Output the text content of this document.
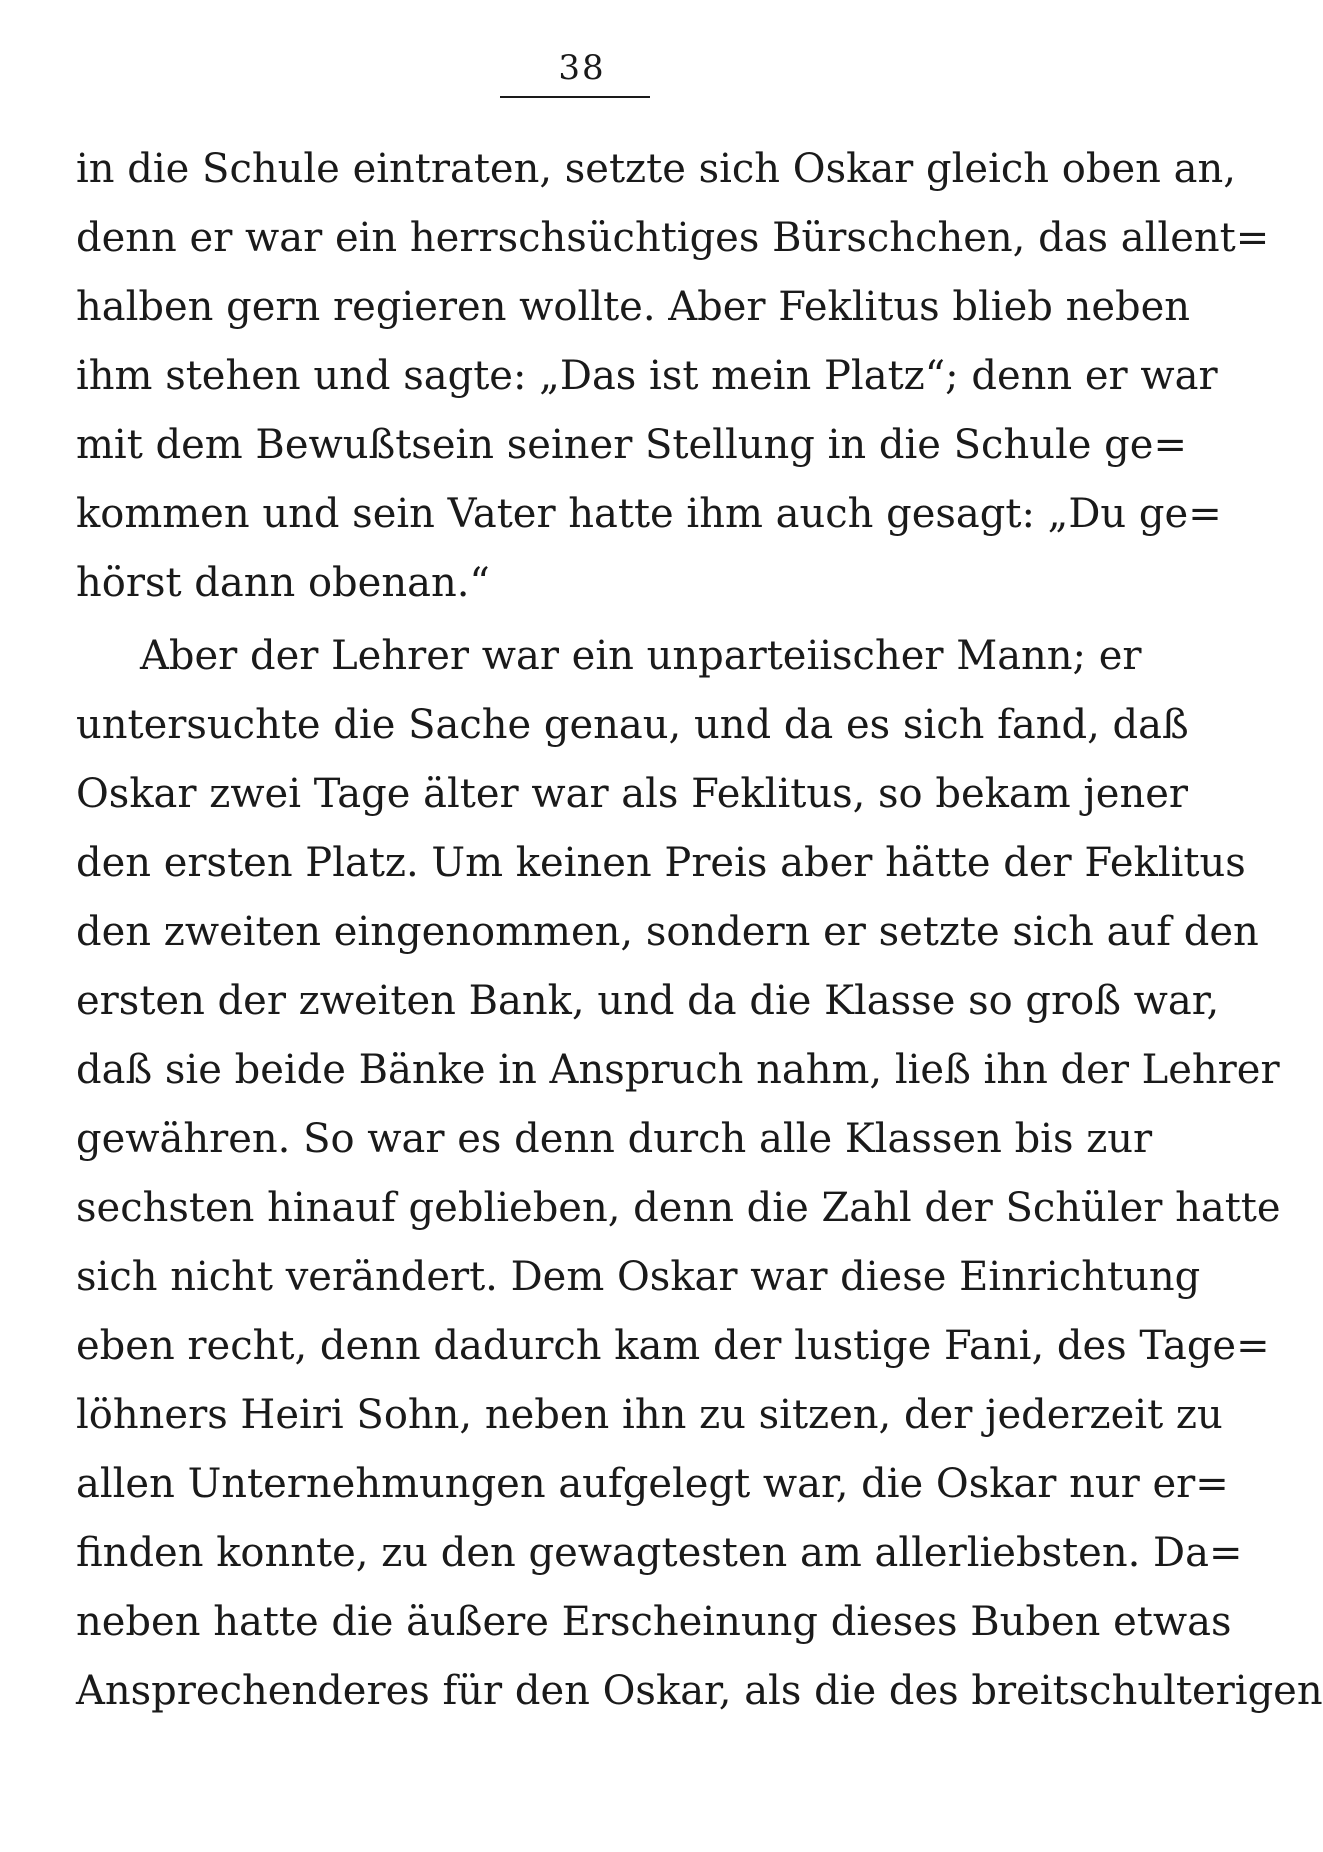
38
in die Schule eintraten, setzte sich Oskar gleich oben an,
denn er war ein herrschsüchtiges Bürschchen, das allent=
halben gern regieren wollte. Aber Feklitus blieb neben
ihm stehen und sagte: „Das ist mein Platz“; denn er war
mit dem Bewußtsein seiner Stellung in die Schule ge=
kommen und sein Vater hatte ihm auch gesagt: „Du ge=
hörst dann obenan.“
Aber der Lehrer war ein unparteiischer Mann; er
untersuchte die Sache genau, und da es sich fand, daß
Oskar zwei Tage älter war als Feklitus, so bekam jener
den ersten Platz. Um keinen Preis aber hätte der Feklitus
den zweiten eingenommen, sondern er setzte sich auf den
ersten der zweiten Bank, und da die Klasse so groß war,
daß sie beide Bänke in Anspruch nahm, ließ ihn der Lehrer
gewähren. So war es denn durch alle Klassen bis zur
sechsten hinauf geblieben, denn die Zahl der Schüler hatte
sich nicht verändert. Dem Oskar war diese Einrichtung
eben recht, denn dadurch kam der lustige Fani, des Tage=
löhners Heiri Sohn, neben ihn zu sitzen, der jederzeit zu
allen Unternehmungen aufgelegt war, die Oskar nur er=
finden konnte, zu den gewagtesten am allerliebsten. Da=
neben hatte die äußere Erscheinung dieses Buben etwas
Ansprechenderes für den Oskar, als die des breitschulterigen
